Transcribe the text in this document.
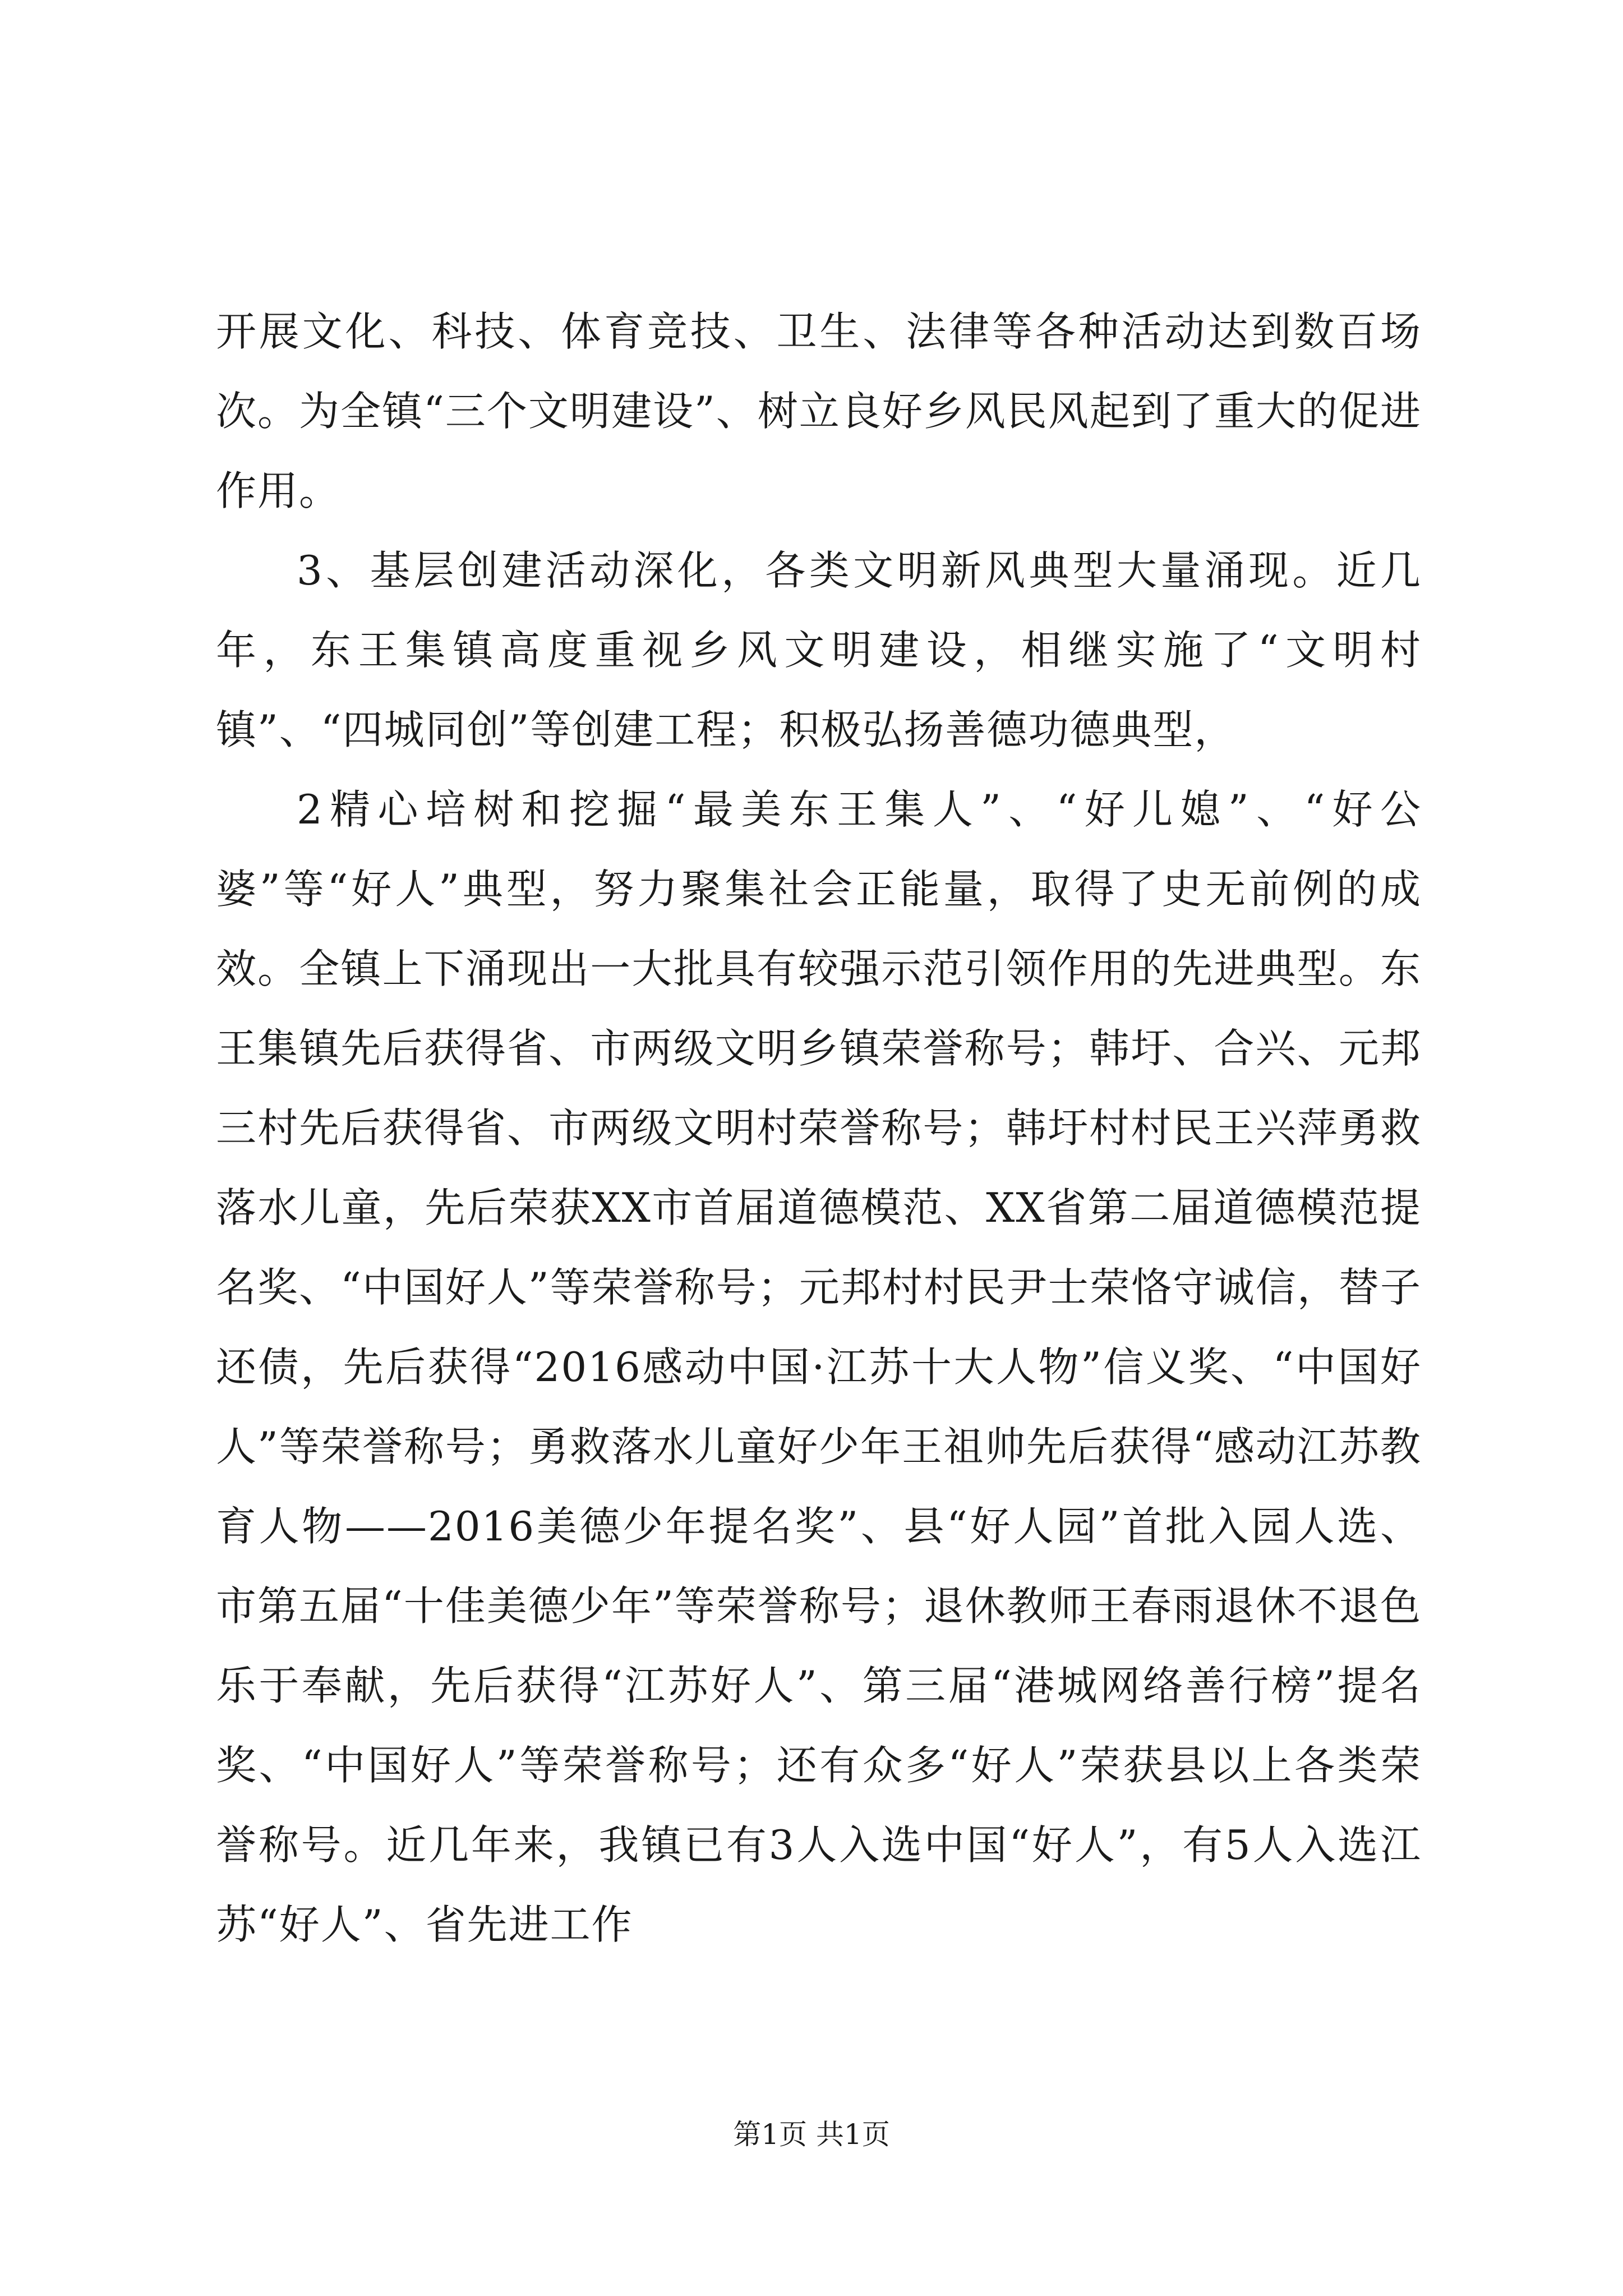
开展文化、科技、体育竞技、卫生、法律等各种活动达到数百场次。为全镇“三个文明建设”、树立良好乡风民风起到了重大的促进作用。

3、基层创建活动深化，各类文明新风典型大量涌现。近几年，东王集镇高度重视乡风文明建设，相继实施了“文明村镇”、“四城同创”等创建工程；积极弘扬善德功德典型，

2精心培树和挖掘“最美东王集人”、“好儿媳”、“好公婆”等“好人”典型，努力聚集社会正能量，取得了史无前例的成效。全镇上下涌现出一大批具有较强示范引领作用的先进典型。东王集镇先后获得省、市两级文明乡镇荣誉称号；韩圩、合兴、元邦三村先后获得省、市两级文明村荣誉称号；韩圩村村民王兴萍勇救落水儿童，先后荣获XX市首届道德模范、XX省第二届道德模范提名奖、“中国好人”等荣誉称号；元邦村村民尹士荣恪守诚信，替子还债，先后获得“2016感动中国·江苏十大人物”信义奖、“中国好人”等荣誉称号；勇救落水儿童好少年王祖帅先后获得“感动江苏教育人物——2016美德少年提名奖”、县“好人园”首批入园人选、市第五届“十佳美德少年”等荣誉称号；退休教师王春雨退休不退色乐于奉献，先后获得“江苏好人”、第三届“港城网络善行榜”提名奖、“中国好人”等荣誉称号；还有众多“好人”荣获县以上各类荣誉称号。近几年来，我镇已有3人入选中国“好人”，有5人入选江苏“好人”、省先进工作

第1页 共1页
